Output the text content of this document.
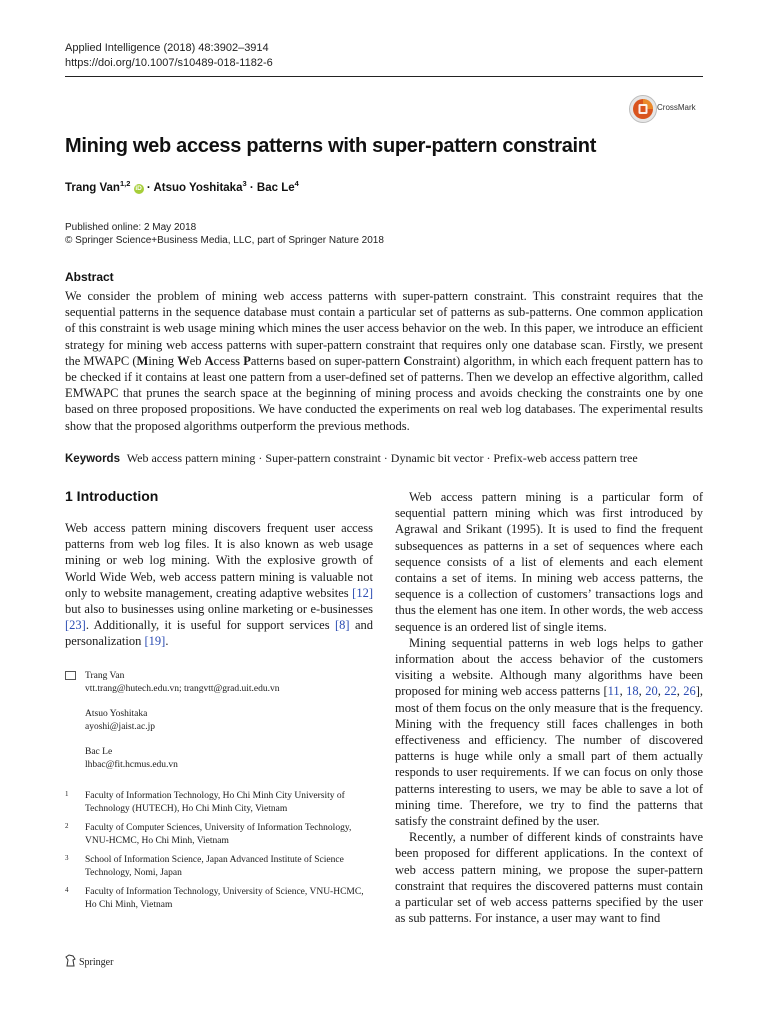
Applied Intelligence (2018) 48:3902–3914
https://doi.org/10.1007/s10489-018-1182-6
CrossMark
Mining web access patterns with super-pattern constraint
Trang Van$^{1,2}$ iD · Atsuo Yoshitaka$^3$ · Bac Le$^4$
Published online: 2 May 2018
© Springer Science+Business Media, LLC, part of Springer Nature 2018
Abstract
We consider the problem of mining web access patterns with super-pattern constraint. This constraint requires that the sequential patterns in the sequence database must contain a particular set of patterns as sub-patterns. One common application of this constraint is web usage mining which mines the user access behavior on the web. In this paper, we introduce an efficient strategy for mining web access patterns with super-pattern constraint that requires only one database scan. Firstly, we present the MWAPC (Mining Web Access Patterns based on super-pattern Constraint) algorithm, in which each frequent pattern has to be checked if it contains at least one pattern from a user-defined set of patterns. Then we develop an effective algorithm, called EMWAPC that prunes the search space at the beginning of mining process and avoids checking the constraints one by one based on three proposed propositions. We have conducted the experiments on real web log databases. The experimental results show that the proposed algorithms outperform the previous methods.
Keywords Web access pattern mining · Super-pattern constraint · Dynamic bit vector · Prefix-web access pattern tree
1 Introduction

Web access pattern mining discovers frequent user access patterns from web log files. It is also known as web usage mining or web log mining. With the explosive growth of World Wide Web, web access pattern mining is valuable not only to website management, creating adaptive websites [12] but also to businesses using online marketing or e-businesses [23]. Additionally, it is useful for support services [8] and personalization [19].

Web access pattern mining is a particular form of sequential pattern mining which was first introduced by Agrawal and Srikant (1995). It is used to find the frequent subsequences as patterns in a set of sequences where each sequence consists of a list of elements and each element contains a set of items. In mining web access patterns, the sequence is a collection of customers’ transactions logs and thus the element has one item. In other words, the web access sequence is an ordered list of single items.

Mining sequential patterns in web logs helps to gather information about the access behavior of the customers visiting a website. Although many algorithms have been proposed for mining web access patterns [11, 18, 20, 22, 26], most of them focus on the only measure that is the frequency. Mining with the frequency still faces challenges in both effectiveness and efficiency. The number of discovered patterns is huge while only a small part of them actually responds to user requirements. If we can focus on only those patterns interesting to users, we may be able to save a lot of mining time. Therefore, we try to find the patterns that satisfy the constraint defined by the user.

Recently, a number of different kinds of constraints have been proposed for different applications. In the context of web access pattern mining, we propose the super-pattern constraint that requires the discovered patterns must contain a particular set of web access patterns specified by the user as sub patterns. For instance, a user may want to find

Trang Van
vtt.trang@hutech.edu.vn; trangvtt@grad.uit.edu.vn
Atsuo Yoshitaka
ayoshi@jaist.ac.jp
Bac Le
lhbac@fit.hcmus.edu.vn
1 Faculty of Information Technology, Ho Chi Minh City University of Technology (HUTECH), Ho Chi Minh City, Vietnam
2 Faculty of Computer Sciences, University of Information Technology, VNU-HCMC, Ho Chi Minh, Vietnam
3 School of Information Science, Japan Advanced Institute of Science Technology, Nomi, Japan
4 Faculty of Information Technology, University of Science, VNU-HCMC, Ho Chi Minh, Vietnam
Springer
